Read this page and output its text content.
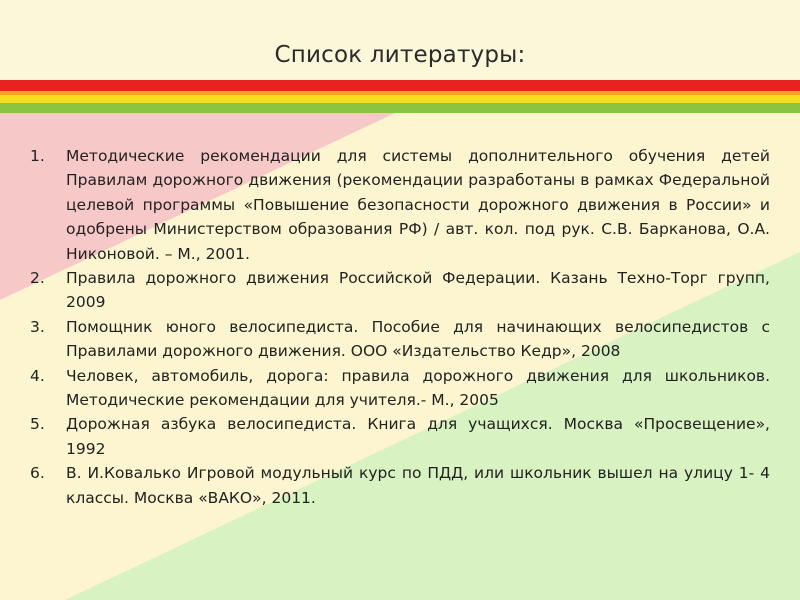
Список литературы:
1. Методические рекомендации для системы дополнительного обучения детей Правилам дорожного движения (рекомендации разработаны в рамках Федеральной целевой программы «Повышение безопасности дорожного движения в России» и одобрены Министерством образования РФ) / авт. кол. под рук. С.В. Барканова, О.А. Никоновой. – М., 2001.
2. Правила дорожного движения Российской Федерации. Казань Техно-Торг групп, 2009
3. Помощник юного велосипедиста. Пособие для начинающих велосипедистов с Правилами дорожного движения. ООО «Издательство Кедр», 2008
4. Человек, автомобиль, дорога: правила дорожного движения для школьников. Методические рекомендации для учителя.- М., 2005
5. Дорожная азбука велосипедиста. Книга для учащихся. Москва «Просвещение», 1992
6. В. И.Ковалько Игровой модульный курс по ПДД, или школьник вышел на улицу 1- 4 классы. Москва «ВАКО», 2011.
